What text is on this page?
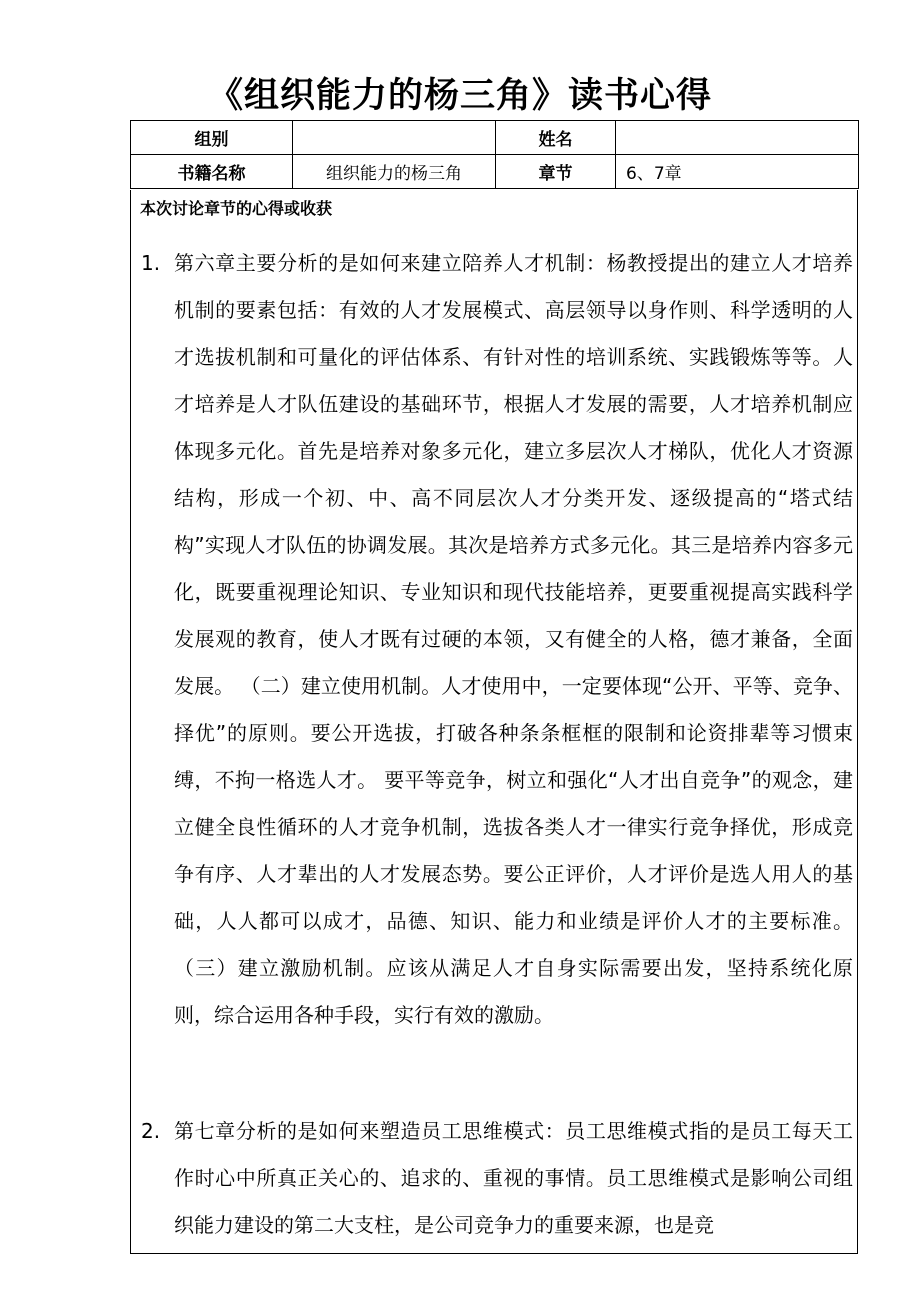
《组织能力的杨三角》读书心得
组别		姓名	
书籍名称	组织能力的杨三角	章节	6、7章
本次讨论章节的心得或收获
1. 第六章主要分析的是如何来建立陪养人才机制：杨教授提出的建立人才培养机制的要素包括：有效的人才发展模式、高层领导以身作则、科学透明的人才选拔机制和可量化的评估体系、有针对性的培训系统、实践锻炼等等。人才培养是人才队伍建设的基础环节，根据人才发展的需要，人才培养机制应体现多元化。首先是培养对象多元化，建立多层次人才梯队，优化人才资源结构，形成一个初、中、高不同层次人才分类开发、逐级提高的“塔式结构”实现人才队伍的协调发展。其次是培养方式多元化。其三是培养内容多元化，既要重视理论知识、专业知识和现代技能培养，更要重视提高实践科学发展观的教育，使人才既有过硬的本领，又有健全的人格，德才兼备，全面发展。 （二）建立使用机制。人才使用中，一定要体现“公开、平等、竞争、择优”的原则。要公开选拔，打破各种条条框框的限制和论资排辈等习惯束缚，不拘一格选人才。 要平等竞争，树立和强化“人才出自竞争”的观念，建立健全良性循环的人才竞争机制，选拔各类人才一律实行竞争择优，形成竞争有序、人才辈出的人才发展态势。要公正评价，人才评价是选人用人的基础，人人都可以成才，品德、知识、能力和业绩是评价人才的主要标准。 （三）建立激励机制。应该从满足人才自身实际需要出发，坚持系统化原则，综合运用各种手段，实行有效的激励。
2. 第七章分析的是如何来塑造员工思维模式：员工思维模式指的是员工每天工作时心中所真正关心的、追求的、重视的事情。员工思维模式是影响公司组织能力建设的第二大支柱，是公司竞争力的重要来源，也是竞
